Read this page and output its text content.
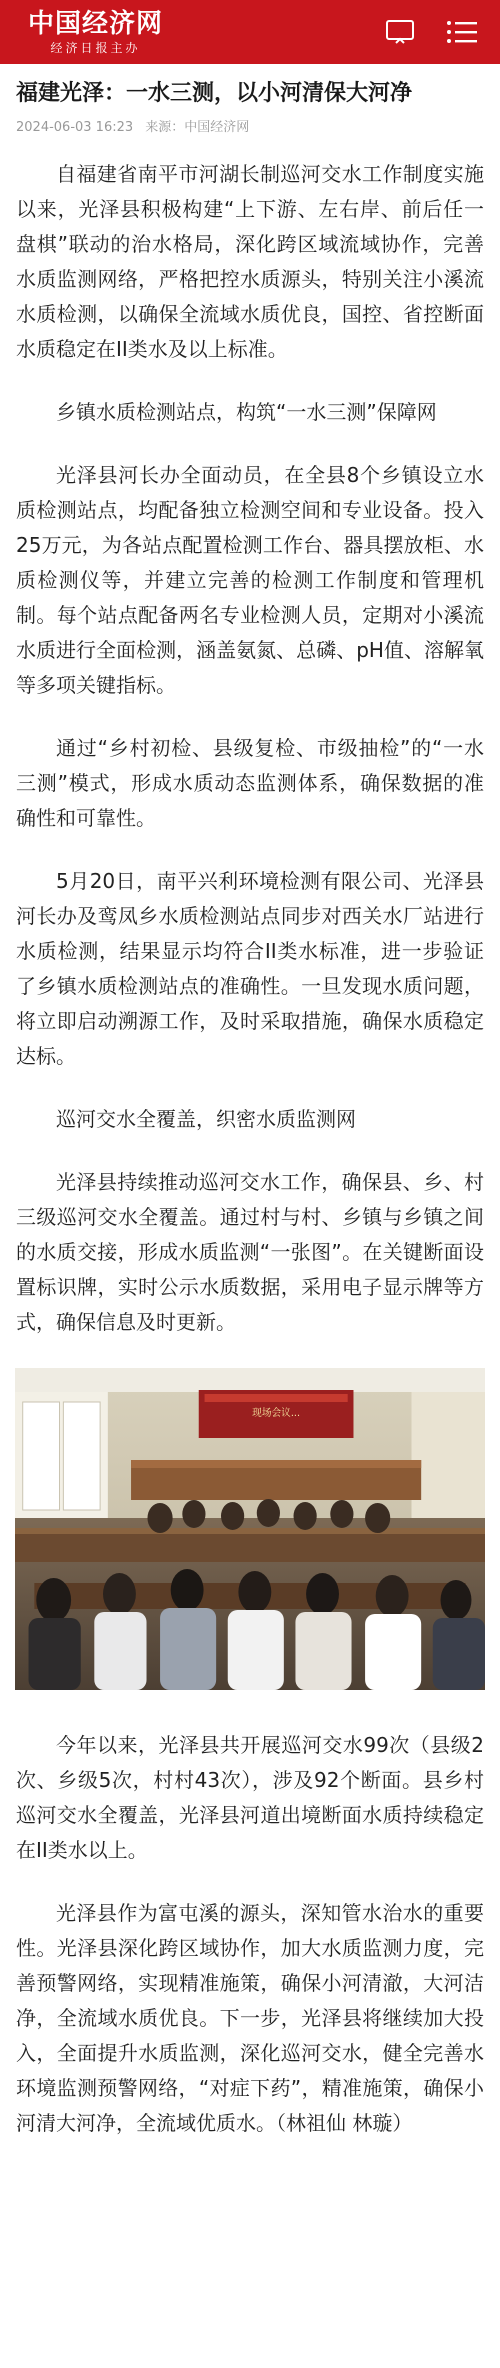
中国经济网
经济日报主办
福建光泽：一水三测，以小河清保大河净
2024-06-03 16:23 来源：中国经济网

自福建省南平市河湖长制巡河交水工作制度实施以来，光泽县积极构建“上下游、左右岸、前后任一盘棋”联动的治水格局，深化跨区域流域协作，完善水质监测网络，严格把控水质源头，特别关注小溪流水质检测，以确保全流域水质优良，国控、省控断面水质稳定在II类水及以上标准。

乡镇水质检测站点，构筑“一水三测”保障网

光泽县河长办全面动员，在全县8个乡镇设立水质检测站点，均配备独立检测空间和专业设备。投入25万元，为各站点配置检测工作台、器具摆放柜、水质检测仪等，并建立完善的检测工作制度和管理机制。每个站点配备两名专业检测人员，定期对小溪流水质进行全面检测，涵盖氨氮、总磷、pH值、溶解氧等多项关键指标。

通过“乡村初检、县级复检、市级抽检”的“一水三测”模式，形成水质动态监测体系，确保数据的准确性和可靠性。

5月20日，南平兴利环境检测有限公司、光泽县河长办及鸾凤乡水质检测站点同步对西关水厂站进行水质检测，结果显示均符合II类水标准，进一步验证了乡镇水质检测站点的准确性。一旦发现水质问题，将立即启动溯源工作，及时采取措施，确保水质稳定达标。

巡河交水全覆盖，织密水质监测网

光泽县持续推动巡河交水工作，确保县、乡、村三级巡河交水全覆盖。通过村与村、乡镇与乡镇之间的水质交接，形成水质监测“一张图”。在关键断面设置标识牌，实时公示水质数据，采用电子显示牌等方式，确保信息及时更新。

现场会议...

今年以来，光泽县共开展巡河交水99次（县级2次、乡级5次，村村43次），涉及92个断面。县乡村巡河交水全覆盖，光泽县河道出境断面水质持续稳定在II类水以上。

光泽县作为富屯溪的源头，深知管水治水的重要性。光泽县深化跨区域协作，加大水质监测力度，完善预警网络，实现精准施策，确保小河清澈，大河洁净，全流域水质优良。下一步，光泽县将继续加大投入，全面提升水质监测，深化巡河交水，健全完善水环境监测预警网络，“对症下药”，精准施策，确保小河清大河净，全流域优质水。（林祖仙 林璇）
